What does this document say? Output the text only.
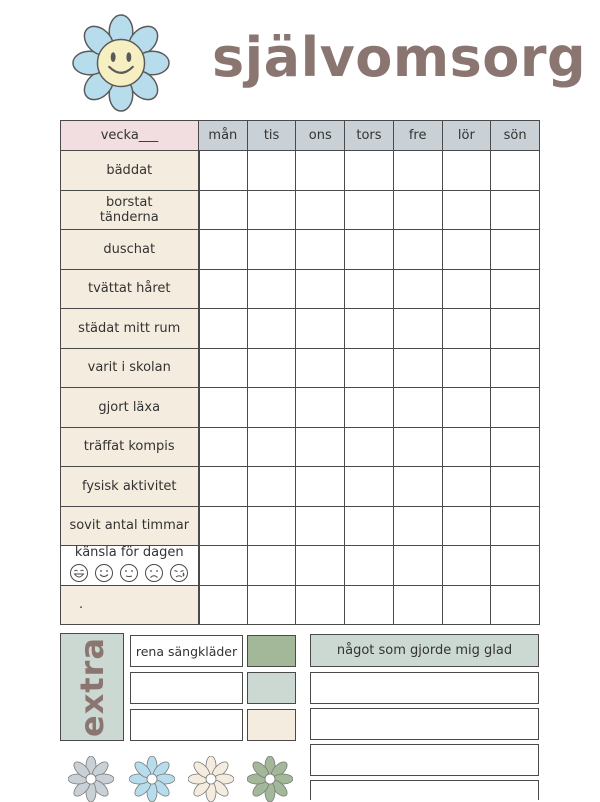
självomsorg
vecka___	mån	tis	ons	tors	fre	lör	sön
bäddat							
borstat tänderna							
duschat							
tvättat håret							
städat mitt rum							
varit i skolan							
gjort läxa							
träffat kompis							
fysisk aktivitet							
sovit antal timmar							

känsla för dagen							

.							
extra	rena sängkläder	något som gjorde mig glad
